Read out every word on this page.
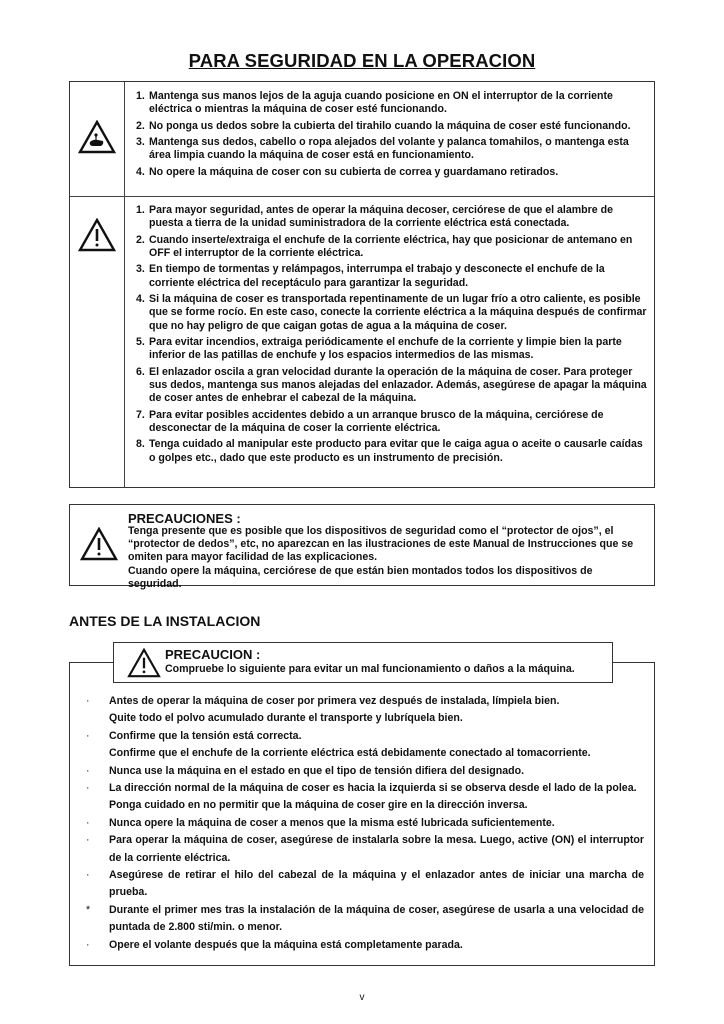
PARA SEGURIDAD EN LA OPERACION
1. Mantenga sus manos lejos de la aguja cuando posicione en ON el interruptor de la corriente eléctrica o mientras la máquina de coser esté funcionando.
2. No ponga us dedos sobre la cubierta del tirahilo cuando la máquina de coser esté funcionando.
3. Mantenga sus dedos, cabello o ropa alejados del volante y palanca tomahilos, o mantenga esta área limpia cuando la máquina de coser está en funcionamiento.
4. No opere la máquina de coser con su cubierta de correa y guardamano retirados.
1. Para mayor seguridad, antes de operar la máquina decoser, cerciórese de que el alambre de puesta a tierra de la unidad suministradora de la corriente eléctrica está conectada.
2. Cuando inserte/extraiga el enchufe de la corriente eléctrica, hay que posicionar de antemano en OFF el interruptor de la corriente eléctrica.
3. En tiempo de tormentas y relámpagos, interrumpa el trabajo y desconecte el enchufe de la corriente eléctrica del receptáculo para garantizar la seguridad.
4. Si la máquina de coser es transportada repentinamente de un lugar frío a otro caliente, es posible que se forme rocío. En este caso, conecte la corriente eléctrica a la máquina después de confirmar que no hay peligro de que caigan gotas de agua a la máquina de coser.
5. Para evitar incendios, extraiga periódicamente el enchufe de la corriente y limpie bien la parte inferior de las patillas de enchufe y los espacios intermedios de las mismas.
6. El enlazador oscila a gran velocidad durante la operación de la máquina de coser. Para proteger sus dedos, mantenga sus manos alejadas del enlazador. Además, asegúrese de apagar la máquina de coser antes de enhebrar el cabezal de la máquina.
7. Para evitar posibles accidentes debido a un arranque brusco de la máquina, cerciórese de desconectar de la máquina de coser la corriente eléctrica.
8. Tenga cuidado al manipular este producto para evitar que le caiga agua o aceite o causarle caídas o golpes etc., dado que este producto es un instrumento de precisión.
PRECAUCIONES :
Tenga presente que es posible que los dispositivos de seguridad como el “protector de ojos”, el “protector de dedos”, etc, no aparezcan en las ilustraciones de este Manual de Instrucciones que se omiten para mayor facilidad de las explicaciones.
Cuando opere la máquina, cerciórese de que están bien montados todos los dispositivos de seguridad.
ANTES DE LA INSTALACION
PRECAUCION :
Compruebe lo siguiente para evitar un mal funcionamiento o daños a la máquina.
·	Antes de operar la máquina de coser por primera vez después de instalada, límpiela bien.
Quite todo el polvo acumulado durante el transporte y lubríquela bien.
·	Confirme que la tensión está correcta.
Confirme que el enchufe de la corriente eléctrica está debidamente conectado al tomacorriente.
·	Nunca use la máquina en el estado en que el tipo de tensión difiera del designado.
·	La dirección normal de la máquina de coser es hacia la izquierda si se observa desde el lado de la polea.
Ponga cuidado en no permitir que la máquina de coser gire en la dirección inversa.
·	Nunca opere la máquina de coser a menos que la misma esté lubricada suficientemente.
·	Para operar la máquina de coser, asegúrese de instalarla sobre la mesa. Luego, active (ON) el interruptor de la corriente eléctrica.
·	Asegúrese de retirar el hilo del cabezal de la máquina y el enlazador antes de iniciar una marcha de prueba.
*	Durante el primer mes tras la instalación de la máquina de coser, asegúrese de usarla a una velocidad de puntada de 2.800 sti/min. o menor.
·	Opere el volante después que la máquina está completamente parada.
v
